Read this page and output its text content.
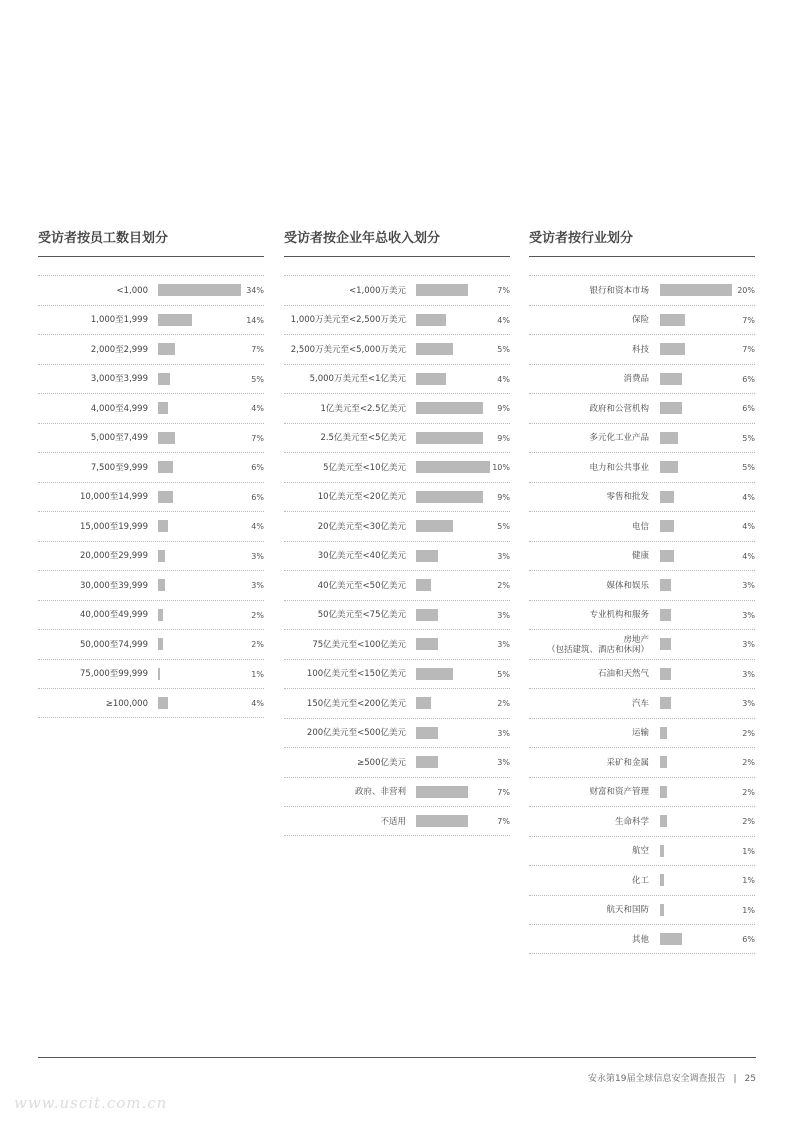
受访者按员工数目划分
<1,000	34%
1,000至1,999	14%
2,000至2,999	7%
3,000至3,999	5%
4,000至4,999	4%
5,000至7,499	7%
7,500至9,999	6%
10,000至14,999	6%
15,000至19,999	4%
20,000至29,999	3%
30,000至39,999	3%
40,000至49,999	2%
50,000至74,999	2%
75,000至99,999	1%
≥100,000	4%
受访者按企业年总收入划分
<1,000万美元	7%
1,000万美元至<2,500万美元	4%
2,500万美元至<5,000万美元	5%
5,000万美元至<1亿美元	4%
1亿美元至<2.5亿美元	9%
2.5亿美元至<5亿美元	9%
5亿美元至<10亿美元	10%
10亿美元至<20亿美元	9%
20亿美元至<30亿美元	5%
30亿美元至<40亿美元	3%
40亿美元至<50亿美元	2%
50亿美元至<75亿美元	3%
75亿美元至<100亿美元	3%
100亿美元至<150亿美元	5%
150亿美元至<200亿美元	2%
200亿美元至<500亿美元	3%
≥500亿美元	3%
政府、非营利	7%
不适用	7%
受访者按行业划分
银行和资本市场	20%
保险	7%
科技	7%
消费品	6%
政府和公营机构	6%
多元化工业产品	5%
电力和公共事业	5%
零售和批发	4%
电信	4%
健康	4%
媒体和娱乐	3%
专业机构和服务	3%
房地产
（包括建筑、酒店和休闲）	3%
石油和天然气	3%
汽车	3%
运输	2%
采矿和金属	2%
财富和资产管理	2%
生命科学	2%
航空	1%
化工	1%
航天和国防	1%
其他	6%
安永第19届全球信息安全调查报告 | 25
www.uscit.com.cn
